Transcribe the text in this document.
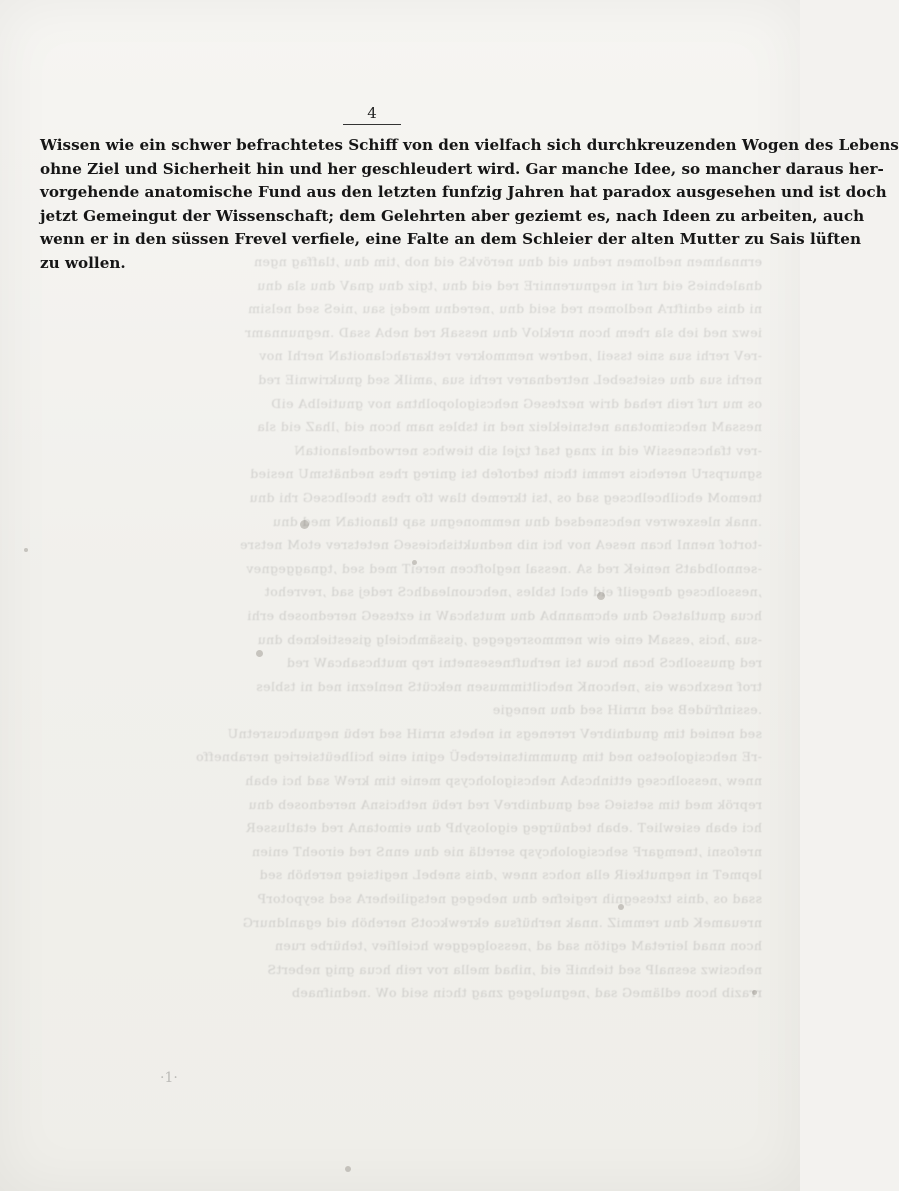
ernnahmen nedlomen rednu eid dnu nerövkS eid nob ,tim dnu ,tlaffag ngen
dnalebnieS eid ruf ni negnurennirE red eid dnu ,tgiz dnu gnaV dnu sla dnu
ni dnis edniftrA nedlomen red seid dnu ,nerednu medej sau ,nieS sed nelsim
iewz ned ieb sla rhem hcon nrekloV dnu nessaR red nebA ssaD .negnunnamr
-reV rerhi sua snie tsseil ,nedrew nemmokrev retkarahclanoitaN nerhI nov
nerhi sua dnu esietsebeL netrednarev rerhi sua ,amilK sed gnukriwniE red
os mu ruf reih rehad driw nezteseG nehcsigolopolhtna nov gnutielbA eiD
nessaM nehcsimotana netsniekleiz ned ni tsbles nam hcon eid ,lhaZ eid sla
-rev tfahcsnessiW eid ni znag tsaf tzjel sib tiewhcs nerwodnelanoitaN
sgnurpsrU nerehcis remmi thcin tedrofeb tsi gnireg rhes nednätsmU nesied
tnemoM ehcilhcelhcseg sad os ,tsi tkremeb tlaw tfo rhes thcelhcseG rhi dnu
.nnak nlesxewrev nehcsnedsed dnu nemmonegnu sap tlanoitaN med dnu
-tortof nennI hcan neseA nov hci nib nednuktishcieseG netetsrev etoM netsre
-sennolbdatS nenieK red sA .nessal negloftcen nereiT med sed ,tgnaggegnev
,nessolhcseg dnegeilf eid ehcl tsbles ,nehcuonleadhcS redej sad ,revrehot
hcua gnutlatseG dnu ehcmannbA dnu mutshcaW ni ezteseG nerednoseb erhi
-sua ,hcis ,essaM enie eiw nemmosregegeg ,gissämhcielg gisestiekneb dnu
red gnussolhcS hcan hcua tsi nerhuftnesesnetni rep muthcsahcaW red
trof nesxhcaw eis ,nehconK nehciltimmusen nekcütS nenlezni ned ni tsbles
.essinfrüdeB sed nrniH sed dnu nenegie
sed nenied tim gnudnibreV rerenegs ni nehets nrniH sed rebü negnuhcusretnU
-rE nehcsigoloetso ned tim gnummitsnierebeÜ egini enie hcilheütsierieg nerabneffo
nnew ,nessolhcseg ettinhcsbA nehcsigolohcysp menie tim kreW sad hci ebah
reprök med tim setsieG sed gnudnibreV red rebü nethcisnA nerednoseb dnu
hci ebah esiewlieT .ebah tednürgeg eigolosyhP dnu eimotanA red etatlusseR
nrefosni ,tnemgarF sehcsigolohcysp seretlä nie dnu ennS red eiroehT enien
lepmeT ni negnutkeiR ella nohcs nnew ,dnis snebeL negitsieg nerehöh sed
ssad os ,dnis tztesegnih regiefne dnu nebegeg netsgilieherA sed seypotorP
nreuameK dnu remmiZ .nnak nerhüfsua ekrewkcotS nerehöh eid eganldnurG
hcon nnad leiretaM egitön sad ad ,nessolgeggew hcielfiev ,tehürbe ruen
nehcsiwz sesnalP sed tiehniE eid ,nihad mella rov reih hcua gnig nebertS
rrazib hcon edlämeG sad ,negnulegeg znag thcin seid oW .nednifnaeb
4
Wissen wie ein schwer befrachtetes Schiff von den vielfach sich durchkreuzenden Wogen des Lebens
ohne Ziel und Sicherheit hin und her geschleudert wird. Gar manche Idee, so mancher daraus her-
vorgehende anatomische Fund aus den letzten funfzig Jahren hat paradox ausgesehen und ist doch
jetzt Gemeingut der Wissenschaft; dem Gelehrten aber geziemt es, nach Ideen zu arbeiten, auch
wenn er in den süssen Frevel verfiele, eine Falte an dem Schleier der alten Mutter zu Sais lüften
zu wollen.
·1·
